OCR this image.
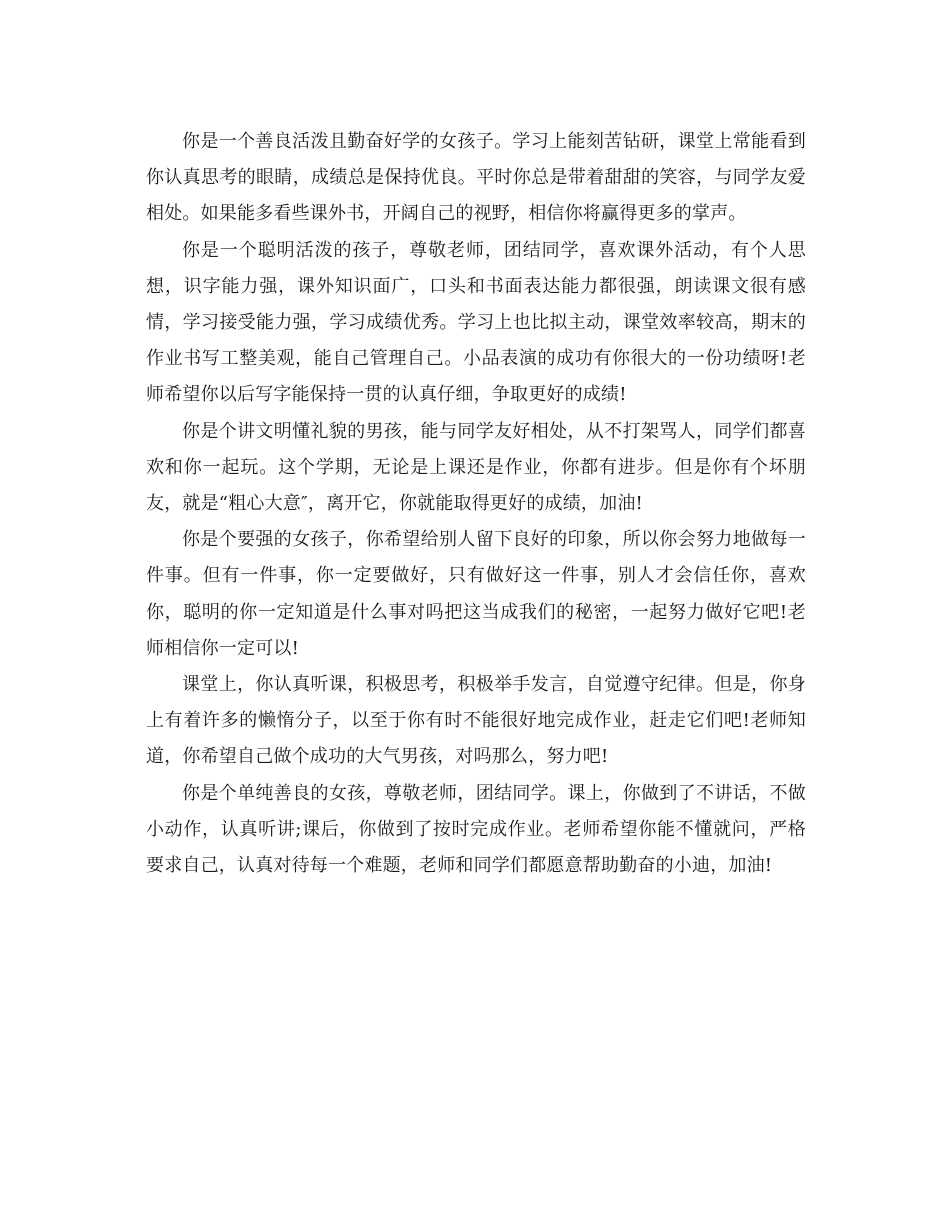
你是一个善良活泼且勤奋好学的女孩子。学习上能刻苦钻研，课堂上常能看到你认真思考的眼睛，成绩总是保持优良。平时你总是带着甜甜的笑容，与同学友爱相处。如果能多看些课外书，开阔自己的视野，相信你将赢得更多的掌声。

你是一个聪明活泼的孩子，尊敬老师，团结同学，喜欢课外活动，有个人思想，识字能力强，课外知识面广，口头和书面表达能力都很强，朗读课文很有感情，学习接受能力强，学习成绩优秀。学习上也比拟主动，课堂效率较高，期末的作业书写工整美观，能自己管理自己。小品表演的成功有你很大的一份功绩呀!老师希望你以后写字能保持一贯的认真仔细，争取更好的成绩!

你是个讲文明懂礼貌的男孩，能与同学友好相处，从不打架骂人，同学们都喜欢和你一起玩。这个学期，无论是上课还是作业，你都有进步。但是你有个坏朋友，就是“粗心大意″，离开它，你就能取得更好的成绩，加油!

你是个要强的女孩子，你希望给别人留下良好的印象，所以你会努力地做每一件事。但有一件事，你一定要做好，只有做好这一件事，别人才会信任你，喜欢你，聪明的你一定知道是什么事对吗把这当成我们的秘密，一起努力做好它吧!老师相信你一定可以!

课堂上，你认真听课，积极思考，积极举手发言，自觉遵守纪律。但是，你身上有着许多的懒惰分子，以至于你有时不能很好地完成作业，赶走它们吧!老师知道，你希望自己做个成功的大气男孩，对吗那么，努力吧!

你是个单纯善良的女孩，尊敬老师，团结同学。课上，你做到了不讲话，不做小动作，认真听讲;课后，你做到了按时完成作业。老师希望你能不懂就问，严格要求自己，认真对待每一个难题，老师和同学们都愿意帮助勤奋的小迪，加油!
